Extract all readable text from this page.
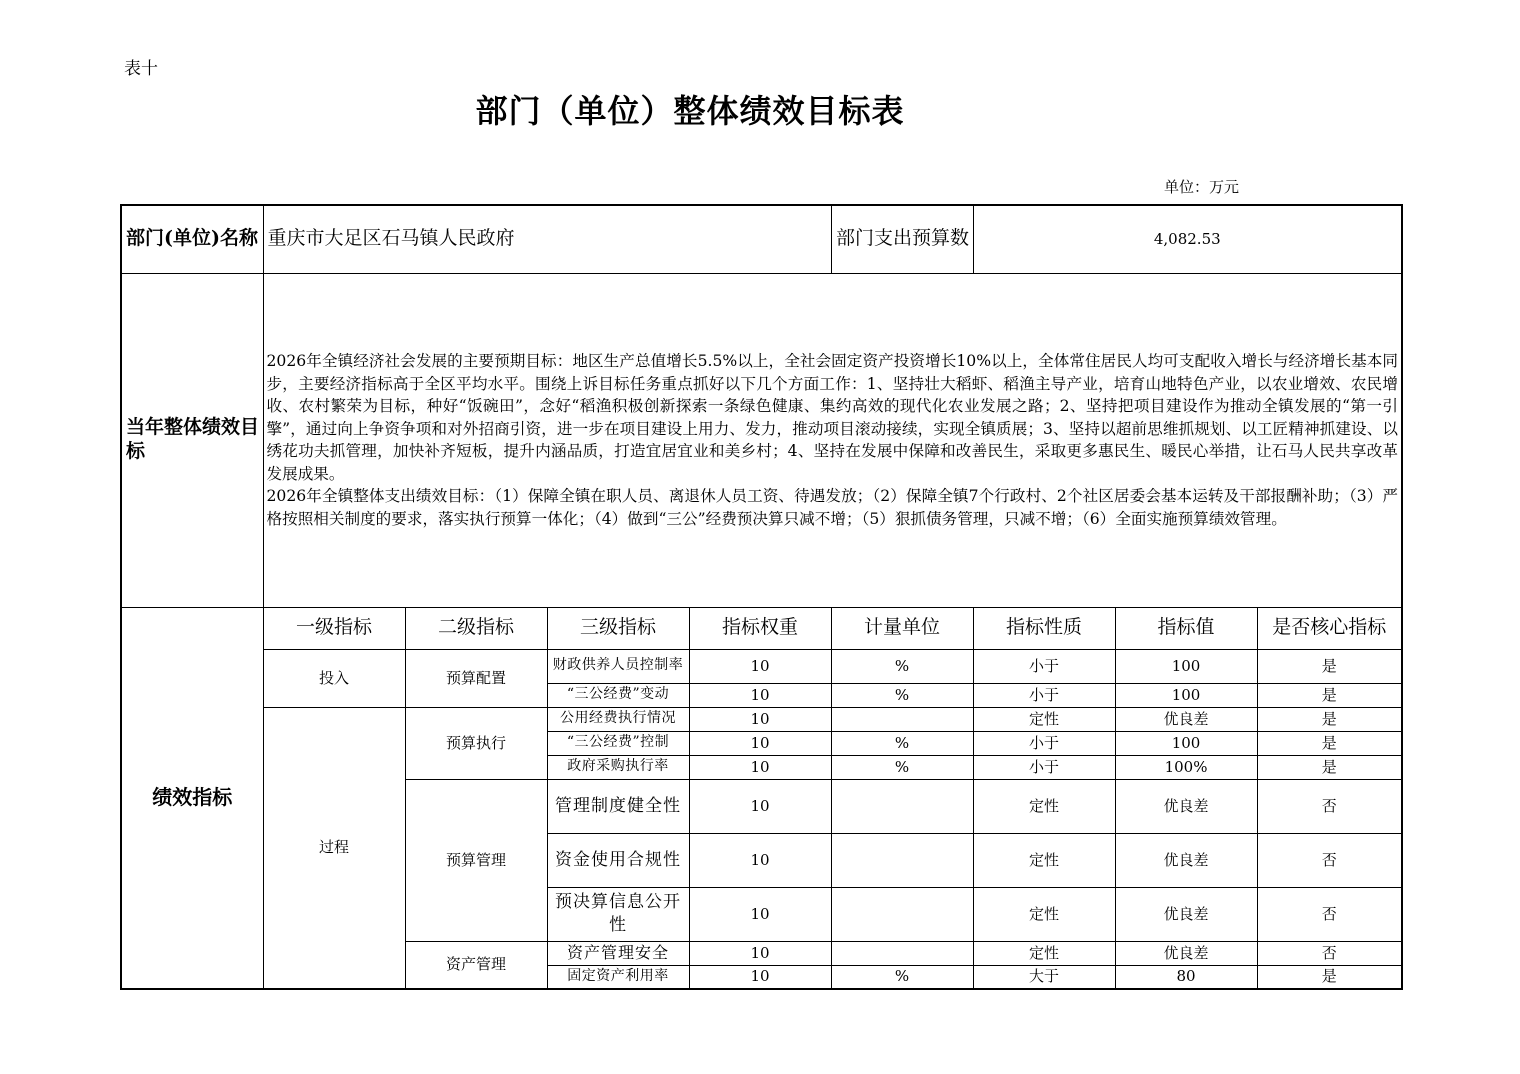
表十
部门（单位）整体绩效目标表
单位：万元
部门(单位)名称	重庆市大足区石马镇人民政府				部门支出预算数	4,082.53		
当年整体绩效目标	2026年全镇经济社会发展的主要预期目标：地区生产总值增长5.5%以上，全社会固定资产投资增长10%以上，全体常住居民人均可支配收入增长与经济增长基本同步，主要经济指标高于全区平均水平。围绕上诉目标任务重点抓好以下几个方面工作：1、坚持壮大稻虾、稻渔主导产业，培育山地特色产业，以农业增效、农民增收、农村繁荣为目标，种好“饭碗田”，念好“稻渔积极创新探索一条绿色健康、集约高效的现代化农业发展之路；2、坚持把项目建设作为推动全镇发展的“第一引擎”，通过向上争资争项和对外招商引资，进一步在项目建设上用力、发力，推动项目滚动接续，实现全镇质展；3、坚持以超前思维抓规划、以工匠精神抓建设、以绣花功夫抓管理，加快补齐短板，提升内涵品质，打造宜居宜业和美乡村；4、坚持在发展中保障和改善民生，采取更多惠民生、暖民心举措，让石马人民共享改革发展成果。
2026年全镇整体支出绩效目标：（1）保障全镇在职人员、离退休人员工资、待遇发放；（2）保障全镇7个行政村、2个社区居委会基本运转及干部报酬补助；（3）严格按照相关制度的要求，落实执行预算一体化；（4）做到“三公”经费预决算只减不增；（5）狠抓债务管理，只减不增；（6）全面实施预算绩效管理。							

绩效指标	一级指标	二级指标	三级指标	指标权重	计量单位	指标性质	指标值	是否核心指标
	投入	预算配置	财政供养人员控制率	10	%	小于	100	是
			“三公经费”变动	10	%	小于	100	是
	过程	预算执行	公用经费执行情况	10		定性	优良差	是
			“三公经费”控制	10	%	小于	100	是
			政府采购执行率	10	%	小于	100%	是
		预算管理	管理制度健全性	10		定性	优良差	否
			资金使用合规性	10		定性	优良差	否
			预决算信息公开性	10		定性	优良差	否
		资产管理	资产管理安全	10		定性	优良差	否
			固定资产利用率	10	%	大于	80	是
